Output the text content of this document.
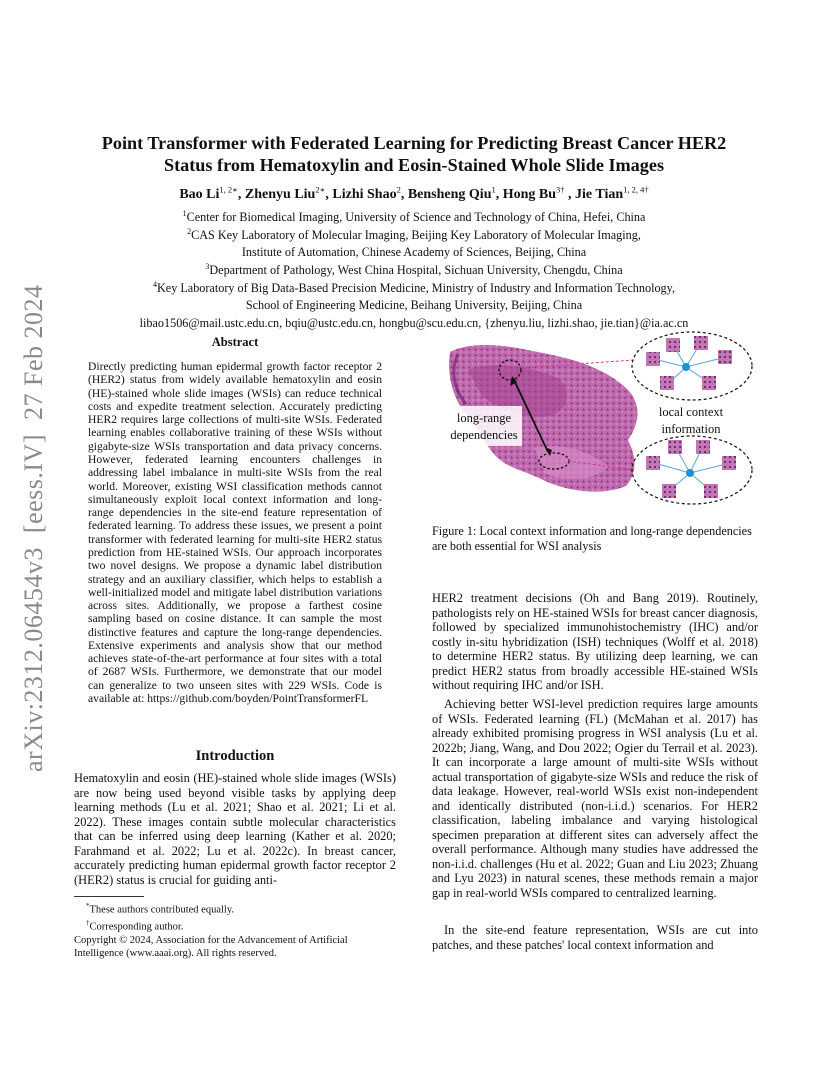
arXiv:2312.06454v3  [eess.IV]  27 Feb 2024
Point Transformer with Federated Learning for Predicting Breast Cancer HER2
Status from Hematoxylin and Eosin-Stained Whole Slide Images
Bao $Li^{1, 2∗}$, Zhenyu Liu$^{2∗}$, Lizhi Shao$^2$, Bensheng Qiu$^1$, Hong $Bu^{3\dagger}$ , Jie Tian$^{1, 2, 4\dagger}$
$^1$Center for Biomedical Imaging, University of Science and Technology of China, Hefei, China
$^2$CAS Key Laboratory of Molecular Imaging, Beijing Key Laboratory of Molecular Imaging,
Institute of Automation, Chinese Academy of Sciences, Beijing, China
$^3$Department of Pathology, West China Hospital, Sichuan University, Chengdu, China
$^4$Key Laboratory of Big Data-Based Precision Medicine, Ministry of Industry and Information Technology,
School of Engineering Medicine, Beihang University, Beijing, China
libao1506@mail.ustc.edu.cn, bqiu@ustc.edu.cn, hongbu@scu.edu.cn, {zhenyu.liu, lizhi.shao, jie.tian}@ia.ac.cn
Abstract

Directly predicting human epidermal growth factor receptor 2 (HER2) status from widely available hematoxylin and eosin (HE)-stained whole slide images (WSIs) can reduce technical costs and expedite treatment selection. Accurately predicting HER2 requires large collections of multi-site WSIs. Federated learning enables collaborative training of these WSIs without gigabyte-size WSIs transportation and data privacy concerns. However, federated learning encounters challenges in addressing label imbalance in multi-site WSIs from the real world. Moreover, existing WSI classification methods cannot simultaneously exploit local context information and long-range dependencies in the site-end feature representation of federated learning. To address these issues, we present a point transformer with federated learning for multi-site HER2 status prediction from HE-stained WSIs. Our approach incorporates two novel designs. We propose a dynamic label distribution strategy and an auxiliary classifier, which helps to establish a well-initialized model and mitigate label distribution variations across sites. Additionally, we propose a farthest cosine sampling based on cosine distance. It can sample the most distinctive features and capture the long-range dependencies. Extensive experiments and analysis show that our method achieves state-of-the-art performance at four sites with a total of 2687 WSIs. Furthermore, we demonstrate that our model can generalize to two unseen sites with 229 WSIs. Code is available at: https://github.com/boyden/PointTransformerFL

Introduction

Hematoxylin and eosin (HE)-stained whole slide images (WSIs) are now being used beyond visible tasks by applying deep learning methods (Lu et al. 2021; Shao et al. 2021; Li et al. 2022). These images contain subtle molecular characteristics that can be inferred using deep learning (Kather et al. 2020; Farahmand et al. 2022; Lu et al. 2022c). In breast cancer, accurately predicting human epidermal growth factor receptor 2 (HER2) status is crucial for guiding anti-

*These authors contributed equally.
†Corresponding author.
Copyright © 2024, Association for the Advancement of Artificial Intelligence (www.aaai.org). All rights reserved.
long-range
dependencies
local context
information

Figure 1: Local context information and long-range dependencies are both essential for WSI analysis

HER2 treatment decisions (Oh and Bang 2019). Routinely, pathologists rely on HE-stained WSIs for breast cancer diagnosis, followed by specialized immunohistochemistry (IHC) and/or costly in-situ hybridization (ISH) techniques (Wolff et al. 2018) to determine HER2 status. By utilizing deep learning, we can predict HER2 status from broadly accessible HE-stained WSIs without requiring IHC and/or ISH.

Achieving better WSI-level prediction requires large amounts of WSIs. Federated learning (FL) (McMahan et al. 2017) has already exhibited promising progress in WSI analysis (Lu et al. 2022b; Jiang, Wang, and Dou 2022; Ogier du Terrail et al. 2023). It can incorporate a large amount of multi-site WSIs without actual transportation of gigabyte-size WSIs and reduce the risk of data leakage. However, real-world WSIs exist non-independent and identically distributed (non-i.i.d.) scenarios. For HER2 classification, labeling imbalance and varying histological specimen preparation at different sites can adversely affect the overall performance. Although many studies have addressed the non-i.i.d. challenges (Hu et al. 2022; Guan and Liu 2023; Zhuang and Lyu 2023) in natural scenes, these methods remain a major gap in real-world WSIs compared to centralized learning.

In the site-end feature representation, WSIs are cut into patches, and these patches' local context information and
